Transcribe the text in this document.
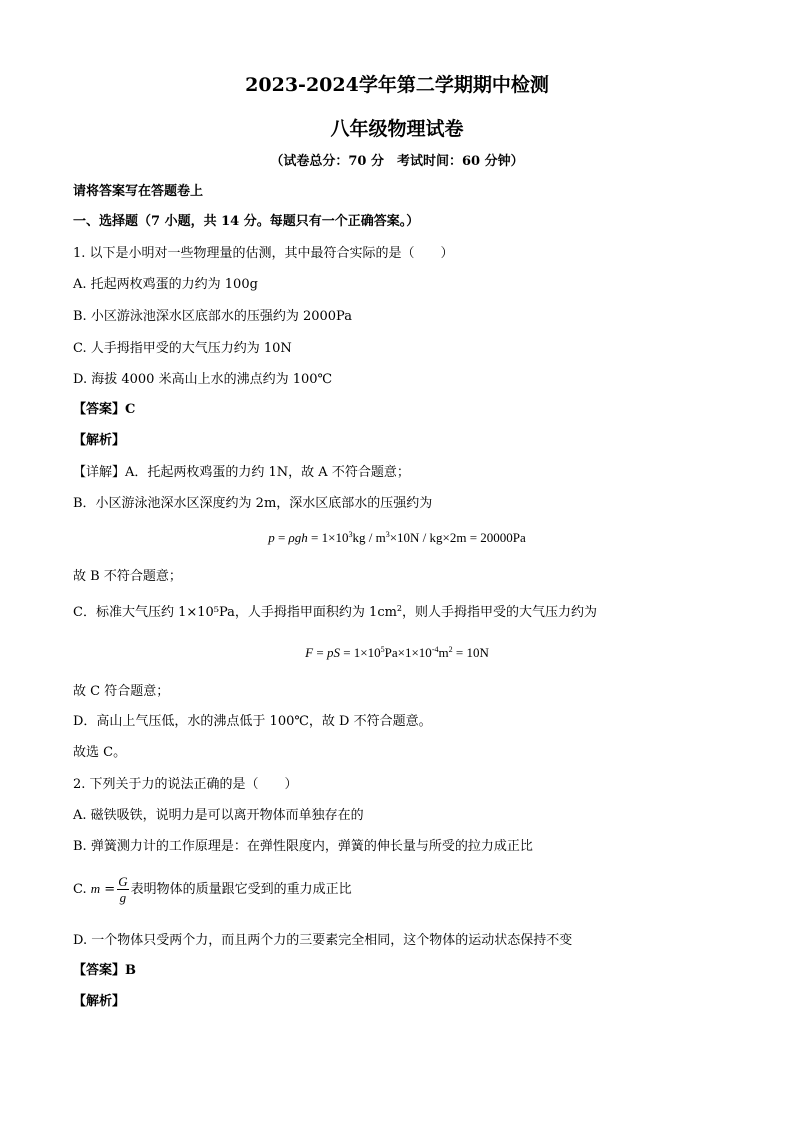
2023-2024学年第二学期期中检测
八年级物理试卷
（试卷总分：70 分　考试时间：60 分钟）
请将答案写在答题卷上
一、选择题（7 小题，共 14 分。每题只有一个正确答案。）
1. 以下是小明对一些物理量的估测，其中最符合实际的是（　　）
A. 托起两枚鸡蛋的力约为 100g
B. 小区游泳池深水区底部水的压强约为 2000Pa
C. 人手拇指甲受的大气压力约为 10N
D. 海拔 4000 米高山上水的沸点约为 100℃
【答案】C
【解析】
【详解】A．托起两枚鸡蛋的力约 1N，故 A 不符合题意；
B．小区游泳池深水区深度约为 2m，深水区底部水的压强约为
$p = \rho gh = 1\times 10^3kg / m^3\times 10N / kg\times 2m = 20000Pa$
故 B 不符合题意；
C．标准大气压约 1×10⁵Pa，人手拇指甲面积约为 $1cm^2$，则人手拇指甲受的大气压力约为
F = pS = $1\times 10^5Pa\times 1\times 10^{-4}m^2 = 10N$
故 C 符合题意；
D．高山上气压低，水的沸点低于 100℃，故 D 不符合题意。
故选 C。
2. 下列关于力的说法正确的是（　　）
A. 磁铁吸铁，说明力是可以离开物体而单独存在的
B. 弹簧测力计的工作原理是：在弹性限度内，弹簧的伸长量与所受的拉力成正比
C. $m = \frac{G}{g}$ 表明物体的质量跟它受到的重力成正比
D. 一个物体只受两个力，而且两个力的三要素完全相同，这个物体的运动状态保持不变
【答案】B
【解析】
